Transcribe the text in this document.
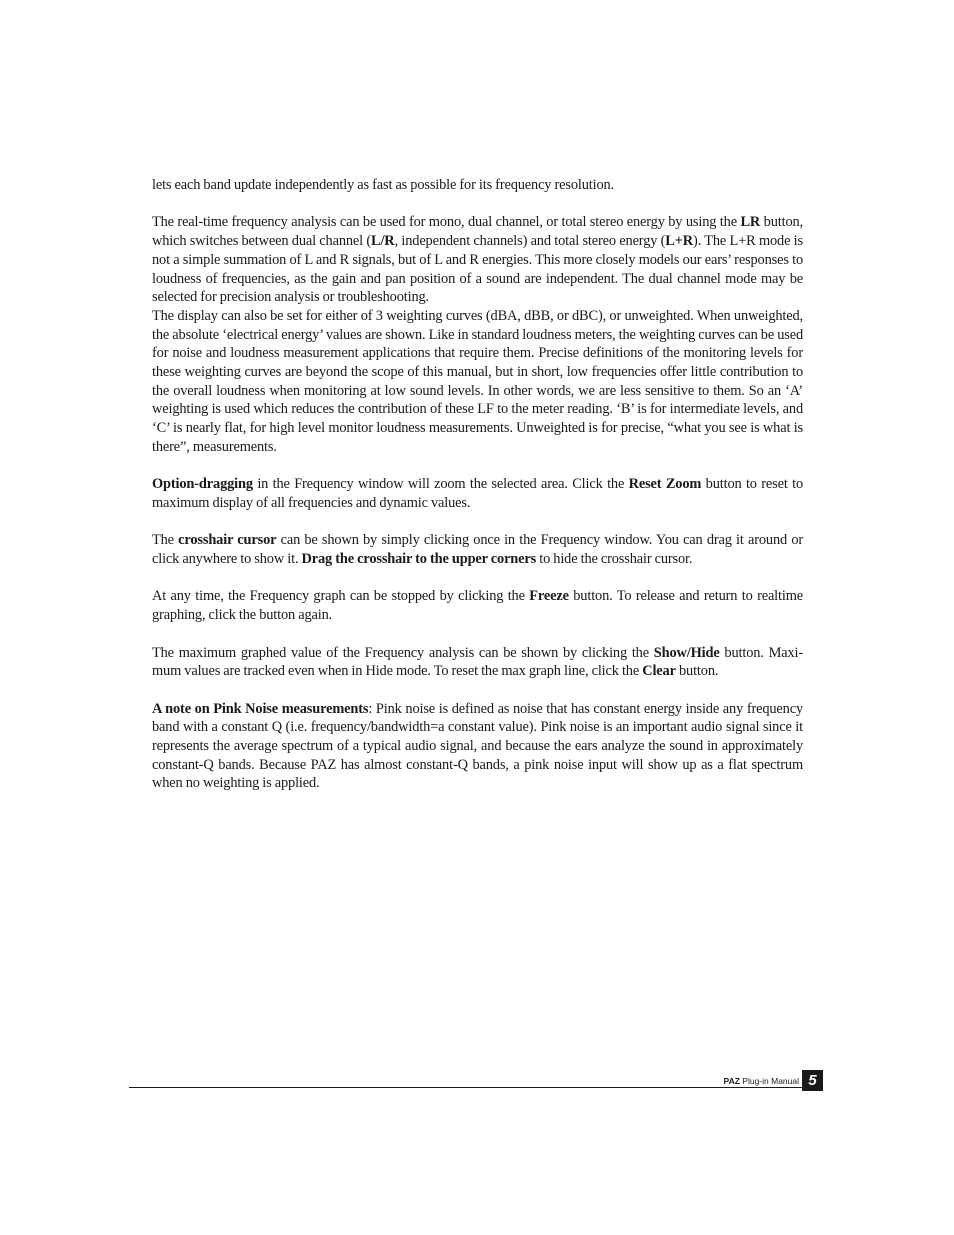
lets each band update independently as fast as possible for its frequency resolution.

The real-time frequency analysis can be used for mono, dual channel, or total stereo energy by using the LR button, which switches between dual channel (L/R, independent channels) and total stereo energy (L+R). The L+R mode is not a simple summation of L and R signals, but of L and R energies. This more closely models our ears’ responses to loudness of frequencies, as the gain and pan position of a sound are independent. The dual channel mode may be selected for precision analysis or troubleshooting.

The display can also be set for either of 3 weighting curves (dBA, dBB, or dBC), or unweighted. When unweighted, the absolute ‘electrical energy’ values are shown. Like in standard loudness meters, the weighting curves can be used for noise and loudness measurement applications that require them. Precise definitions of the monitoring levels for these weighting curves are beyond the scope of this manual, but in short, low frequencies offer little contribution to the overall loudness when monitoring at low sound levels. In other words, we are less sensitive to them. So an ‘A’ weighting is used which reduces the contribution of these LF to the meter reading. ‘B’ is for intermediate levels, and ‘C’ is nearly flat, for high level monitor loudness measurements. Unweighted is for precise, “what you see is what is there”, measurements.

Option-dragging in the Frequency window will zoom the selected area. Click the Reset Zoom button to reset to maximum display of all frequencies and dynamic values.

The crosshair cursor can be shown by simply clicking once in the Frequency window. You can drag it around or click anywhere to show it. Drag the crosshair to the upper corners to hide the crosshair cursor.

At any time, the Frequency graph can be stopped by clicking the Freeze button. To release and return to realtime graphing, click the button again.

The maximum graphed value of the Frequency analysis can be shown by clicking the Show/Hide button. Maxi-mum values are tracked even when in Hide mode. To reset the max graph line, click the Clear button.

A note on Pink Noise measurements: Pink noise is defined as noise that has constant energy inside any frequency band with a constant Q (i.e. frequency/bandwidth=a constant value). Pink noise is an important audio signal since it represents the average spectrum of a typical audio signal, and because the ears analyze the sound in approximately constant-Q bands. Because PAZ has almost constant-Q bands, a pink noise input will show up as a flat spectrum when no weighting is applied.

PAZ Plug-in Manual 5
